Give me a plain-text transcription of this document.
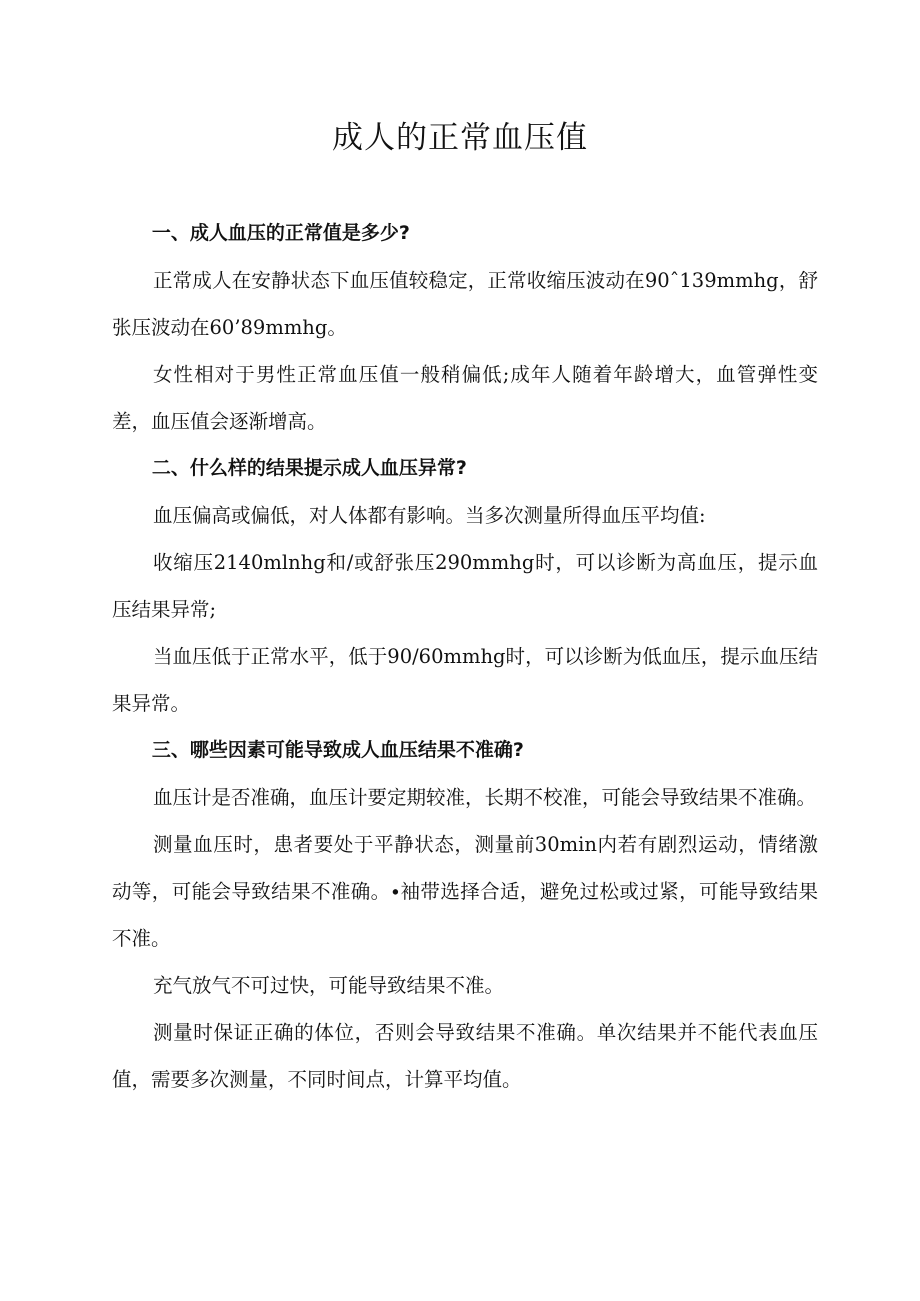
成人的正常血压值

一、成人血压的正常值是多少?

正常成人在安静状态下血压值较稳定，正常收缩压波动在90ˆ139mmhg，舒张压波动在60’89mmhg。

女性相对于男性正常血压值一般稍偏低;成年人随着年龄增大，血管弹性变差，血压值会逐渐增高。

二、什么样的结果提示成人血压异常?

血压偏高或偏低，对人体都有影响。当多次测量所得血压平均值:

收缩压2140mlnhg和/或舒张压290mmhg时，可以诊断为高血压，提示血压结果异常;

当血压低于正常水平，低于90/60mmhg时，可以诊断为低血压，提示血压结果异常。

三、哪些因素可能导致成人血压结果不准确?

血压计是否准确，血压计要定期较准，长期不校准，可能会导致结果不准确。

测量血压时，患者要处于平静状态，测量前30min内若有剧烈运动，情绪激动等，可能会导致结果不准确。∙袖带选择合适，避免过松或过紧，可能导致结果不准。

充气放气不可过快，可能导致结果不准。

测量时保证正确的体位，否则会导致结果不准确。单次结果并不能代表血压值，需要多次测量，不同时间点，计算平均值。
